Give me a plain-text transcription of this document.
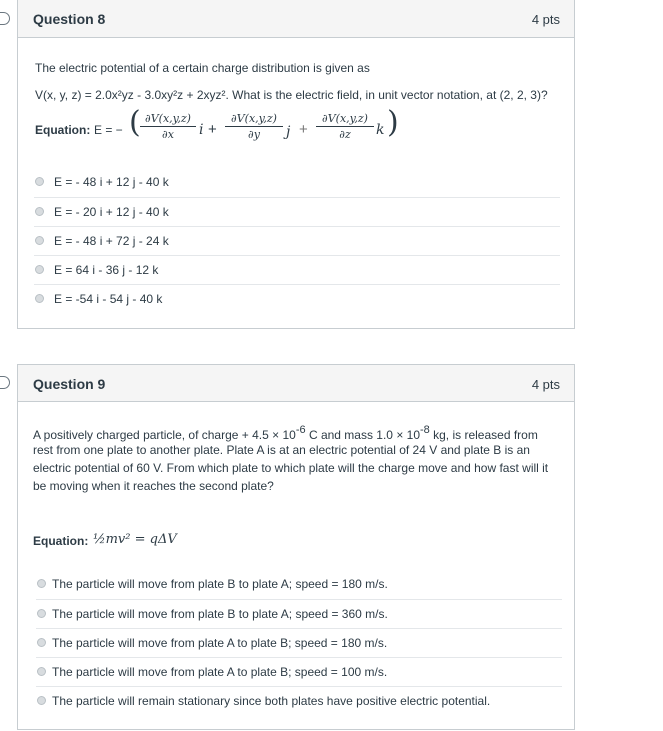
Question 8	4 pts
The electric potential of a certain charge distribution is given as
V(x, y, z) = 2.0x²yz - 3.0xy²z + 2xyz². What is the electric field, in unit vector notation, at (2, 2, 3)?
Equation: E = − ( ∂V(x,y,z)
∂x	i +
∂V(x,y,z)
∂y	j +
∂V(x,y,z)
∂z	k )
E = - 48 i + 12 j - 40 k
E = - 20 i + 12 j - 40 k
E = - 48 i + 72 j - 24 k
E = 64 i - 36 j - 12 k
E = -54 i - 54 j - 40 k
Question 9	4 pts
A positively charged particle, of charge + 4.5 × 10-6 C and mass 1.0 × 10-8 kg, is released from
rest from one plate to another plate. Plate A is at an electric potential of 24 V and plate B is an
electric potential of 60 V. From which plate to which plate will the charge move and how fast will it
be moving when it reaches the second plate?
Equation: ½mv² = qΔV
The particle will move from plate B to plate A; speed = 180 m/s.
The particle will move from plate B to plate A; speed = 360 m/s.
The particle will move from plate A to plate B; speed = 180 m/s.
The particle will move from plate A to plate B; speed = 100 m/s.
The particle will remain stationary since both plates have positive electric potential.
